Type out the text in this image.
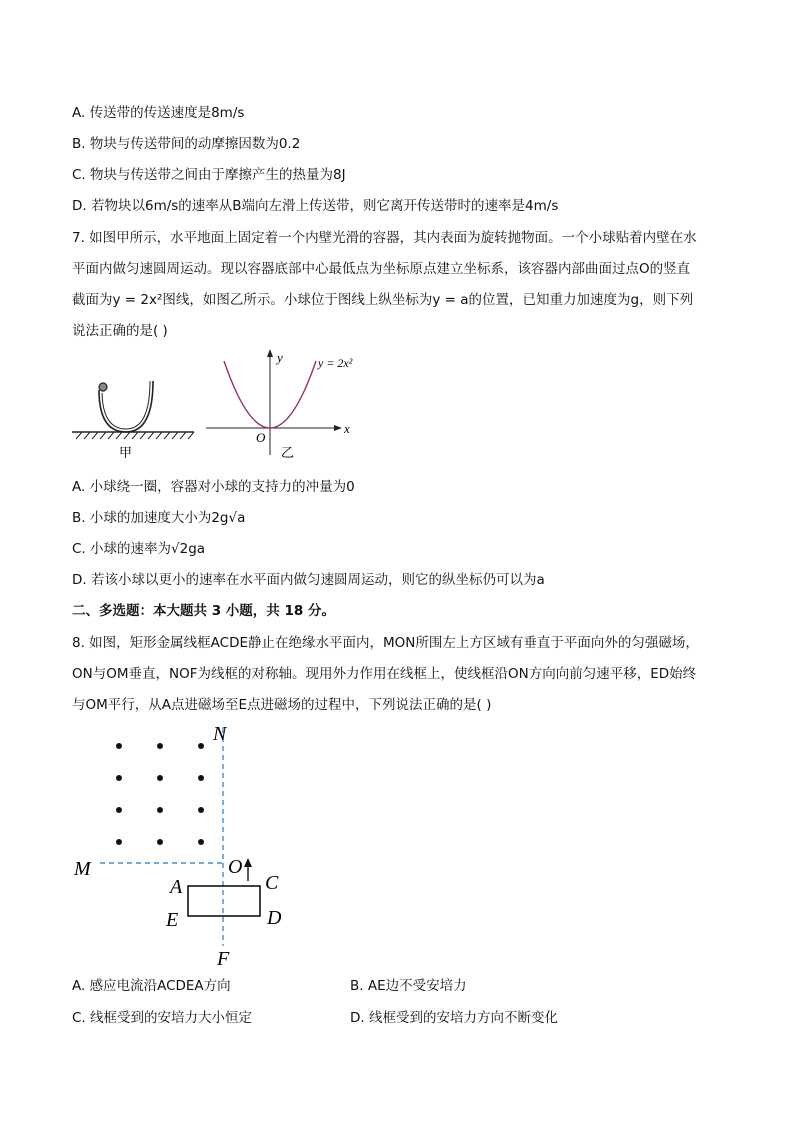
A. 传送带的传送速度是8m/s
B. 物块与传送带间的动摩擦因数为0.2
C. 物块与传送带之间由于摩擦产生的热量为8J
D. 若物块以6m/s的速率从B端向左滑上传送带，则它离开传送带时的速率是4m/s
7. 如图甲所示，水平地面上固定着一个内壁光滑的容器，其内表面为旋转抛物面。一个小球贴着内壁在水
平面内做匀速圆周运动。现以容器底部中心最低点为坐标原点建立坐标系，该容器内部曲面过点O的竖直
截面为y = 2x²图线，如图乙所示。小球位于图线上纵坐标为y = a的位置，已知重力加速度为g，则下列
说法正确的是( )
甲
y
x
O
y = 2x²
乙
A. 小球绕一圈，容器对小球的支持力的冲量为0
B. 小球的加速度大小为2g√a
C. 小球的速率为√2ga
D. 若该小球以更小的速率在水平面内做匀速圆周运动，则它的纵坐标仍可以为a
二、多选题：本大题共 3 小题，共 18 分。
8. 如图，矩形金属线框ACDE静止在绝缘水平面内，MON所围左上方区域有垂直于平面向外的匀强磁场，
ON与OM垂直，NOF为线框的对称轴。现用外力作用在线框上，使线框沿ON方向向前匀速平移，ED始终
与OM平行，从A点进磁场至E点进磁场的过程中，下列说法正确的是( )
N
M	O
F
A	C
E	D
A. 感应电流沿ACDEA方向	B. AE边不受安培力
C. 线框受到的安培力大小恒定	D. 线框受到的安培力方向不断变化
